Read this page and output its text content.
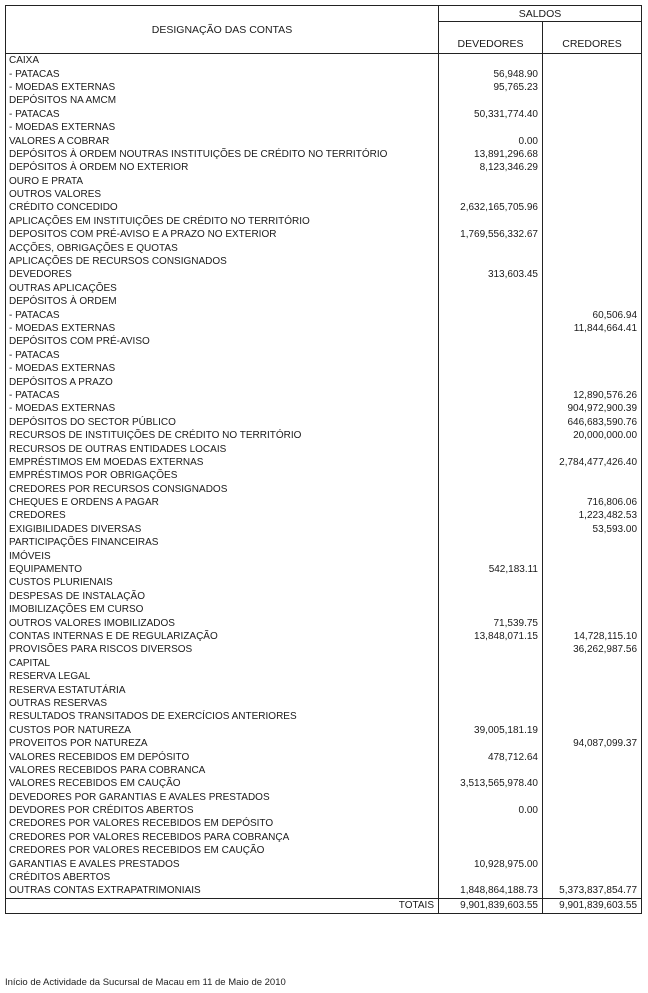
DESIGNAÇÃO DAS CONTAS	SALDOS	
	DEVEDORES	CREDORES
CAIXA		
- PATACAS	56,948.90	
- MOEDAS EXTERNAS	95,765.23	
DEPÓSITOS NA AMCM		
- PATACAS	50,331,774.40	
- MOEDAS EXTERNAS		
VALORES A COBRAR	0.00	
DEPÓSITOS À ORDEM NOUTRAS INSTITUIÇÕES DE CRÉDITO NO TERRITÓRIO	13,891,296.68	
DEPÓSITOS À ORDEM NO EXTERIOR	8,123,346.29	
OURO E PRATA		
OUTROS VALORES		
CRÉDITO CONCEDIDO	2,632,165,705.96	
APLICAÇÕES EM INSTITUIÇÕES DE CRÉDITO NO TERRITÓRIO		
DEPOSITOS COM PRÉ-AVISO E A PRAZO NO EXTERIOR	1,769,556,332.67	
ACÇÕES, OBRIGAÇÕES E QUOTAS		
APLICAÇÕES DE RECURSOS CONSIGNADOS		
DEVEDORES	313,603.45	
OUTRAS APLICAÇÕES		
DEPÓSITOS À ORDEM		
- PATACAS		60,506.94
- MOEDAS EXTERNAS		11,844,664.41
DEPÓSITOS COM PRÉ-AVISO		
- PATACAS		
- MOEDAS EXTERNAS		
DEPÓSITOS A PRAZO		
- PATACAS		12,890,576.26
- MOEDAS EXTERNAS		904,972,900.39
DEPÓSITOS DO SECTOR PÚBLICO		646,683,590.76
RECURSOS DE INSTITUIÇÕES DE CRÉDITO NO TERRITÓRIO		20,000,000.00
RECURSOS DE OUTRAS ENTIDADES LOCAIS		
EMPRÉSTIMOS EM MOEDAS EXTERNAS		2,784,477,426.40
EMPRÉSTIMOS POR OBRIGAÇÕES		
CREDORES POR RECURSOS CONSIGNADOS		
CHEQUES E ORDENS A PAGAR		716,806.06
CREDORES		1,223,482.53
EXIGIBILIDADES DIVERSAS		53,593.00
PARTICIPAÇÕES FINANCEIRAS		
IMÓVEIS		
EQUIPAMENTO	542,183.11	
CUSTOS PLURIENAIS		
DESPESAS DE INSTALAÇÃO		
IMOBILIZAÇÕES EM CURSO		
OUTROS VALORES IMOBILIZADOS	71,539.75	
CONTAS INTERNAS E DE REGULARIZAÇÃO	13,848,071.15	14,728,115.10
PROVISÕES PARA RISCOS DIVERSOS		36,262,987.56
CAPITAL		
RESERVA LEGAL		
RESERVA ESTATUTÁRIA		
OUTRAS RESERVAS		
RESULTADOS TRANSITADOS DE EXERCÍCIOS ANTERIORES		
CUSTOS POR NATUREZA	39,005,181.19	
PROVEITOS POR NATUREZA		94,087,099.37
VALORES RECEBIDOS EM DEPÓSITO	478,712.64	
VALORES RECEBIDOS PARA COBRANCA		
VALORES RECEBIDOS EM CAUÇÃO	3,513,565,978.40	
DEVEDORES POR GARANTIAS E AVALES PRESTADOS		
DEVDORES POR CRÉDITOS ABERTOS	0.00	
CREDORES POR VALORES RECEBIDOS EM DEPÓSITO		
CREDORES POR VALORES RECEBIDOS PARA COBRANÇA		
CREDORES POR VALORES RECEBIDOS EM CAUÇÃO		
GARANTIAS E AVALES PRESTADOS	10,928,975.00	
CRÉDITOS ABERTOS		
OUTRAS CONTAS EXTRAPATRIMONIAIS	1,848,864,188.73	5,373,837,854.77
TOTAIS	9,901,839,603.55	9,901,839,603.55
Início de Actividade da Sucursal de Macau em 11 de Maio de 2010
